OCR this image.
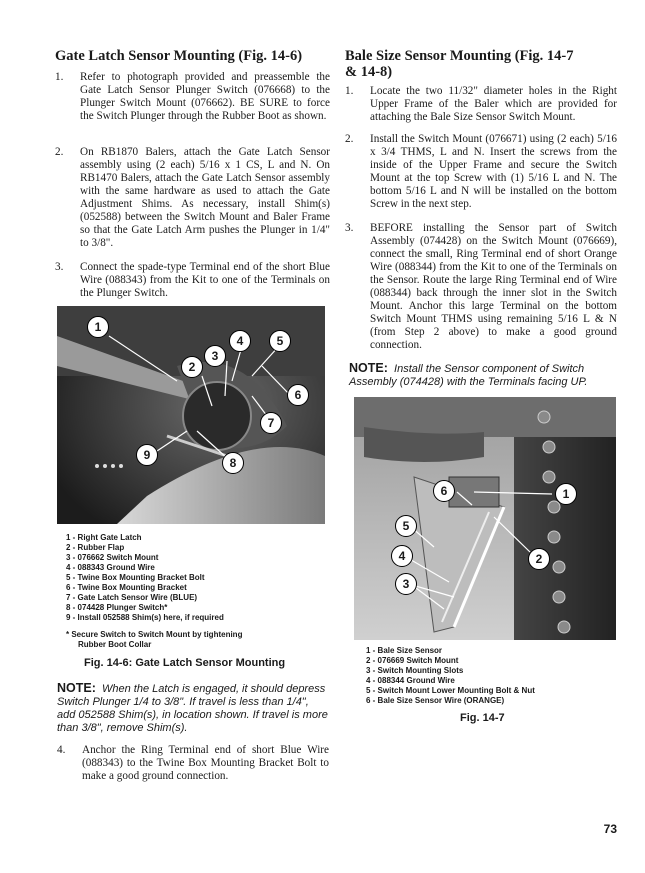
Gate Latch Sensor Mounting (Fig. 14-6)
1. Refer to photograph provided and preassemble the Gate Latch Sensor Plunger Switch (076668) to the Plunger Switch Mount (076662). BE SURE to force the Switch Plunger through the Rubber Boot as shown.
2. On RB1870 Balers, attach the Gate Latch Sensor assembly using (2 each) 5/16 x 1 CS, L and N. On RB1470 Balers, attach the Gate Latch Sensor assembly with the same hardware as used to attach the Gate Adjustment Shims. As necessary, install Shim(s) (052588) between the Switch Mount and Baler Frame so that the Gate Latch Arm pushes the Plunger in 1/4" to 3/8".
3. Connect the spade-type Terminal end of the short Blue Wire (088343) from the Kit to one of the Terminals on the Plunger Switch.
1
2
3
4	5
6
7
8
9
1 - Right Gate Latch
2 - Rubber Flap
3 - 076662 Switch Mount
4 - 088343 Ground Wire
5 - Twine Box Mounting Bracket Bolt
6 - Twine Box Mounting Bracket
7 - Gate Latch Sensor Wire (BLUE)
8 - 074428 Plunger Switch*
9 - Install 052588 Shim(s) here, if required
* Secure Switch to Switch Mount by tightening
Rubber Boot Collar
Fig. 14-6: Gate Latch Sensor Mounting
NOTE: When the Latch is engaged, it should depress Switch Plunger 1/4 to 3/8". If travel is less than 1/4", add 052588 Shim(s), in location shown. If travel is more than 3/8", remove Shim(s).
4. Anchor the Ring Terminal end of short Blue Wire (088343) to the Twine Box Mounting Bracket Bolt to make a good ground connection.
Bale Size Sensor Mounting (Fig. 14-7
& 14-8)
1. Locate the two 11/32" diameter holes in the Right Upper Frame of the Baler which are provided for attaching the Bale Size Sensor Switch Mount.
2. Install the Switch Mount (076671) using (2 each) 5/16 x 3/4 THMS, L and N. Insert the screws from the inside of the Upper Frame and secure the Switch Mount at the top Screw with (1) 5/16 L and N. The bottom 5/16 L and N will be installed on the bottom Screw in the next step.
3. BEFORE installing the Sensor part of Switch Assembly (074428) on the Switch Mount (076669), connect the small, Ring Terminal end of short Orange Wire (088344) from the Kit to one of the Terminals on the Sensor. Route the large Ring Terminal end of Wire (088344) back through the inner slot in the Switch Mount. Anchor this large Terminal on the bottom Switch Mount THMS using remaining 5/16 L & N (from Step 2 above) to make a good ground connection.
NOTE: Install the Sensor component of Switch Assembly (074428) with the Terminals facing UP.
1
2
3
4
5
6
1 - Bale Size Sensor
2 - 076669 Switch Mount
3 - Switch Mounting Slots
4 - 088344 Ground Wire
5 - Switch Mount Lower Mounting Bolt & Nut
6 - Bale Size Sensor Wire (ORANGE)
Fig. 14-7
73
